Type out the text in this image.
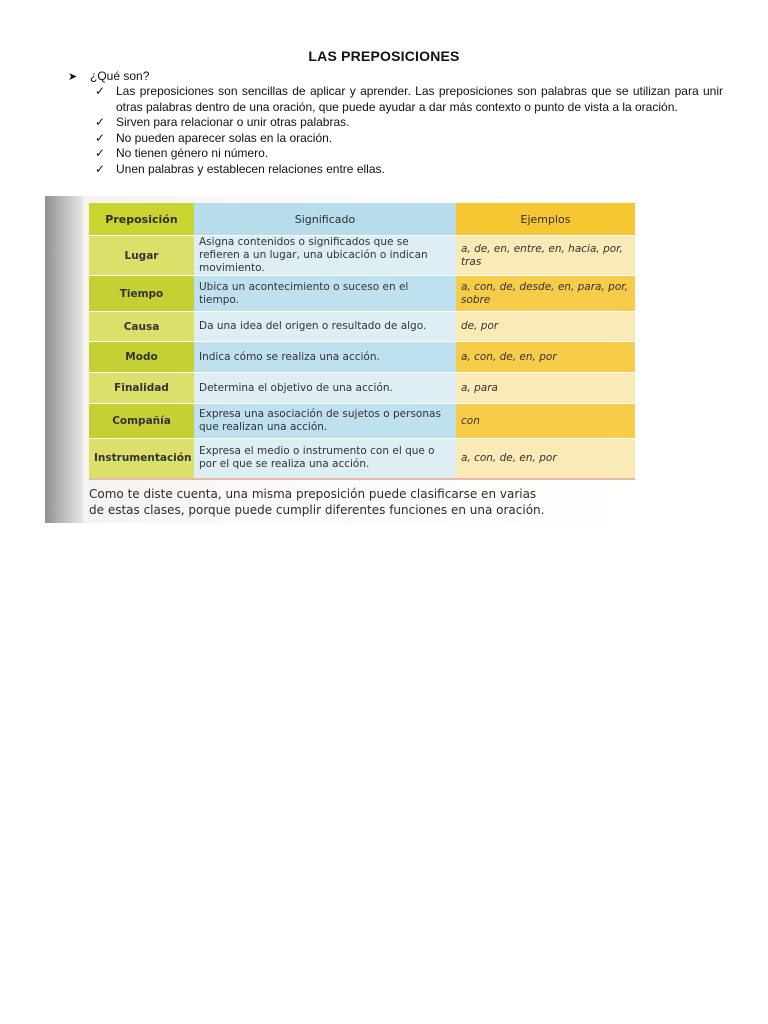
LAS PREPOSICIONES
➤ ¿Qué son?
✓ Las preposiciones son sencillas de aplicar y aprender. Las preposiciones son palabras que se utilizan para unir otras palabras dentro de una oración, que puede ayudar a dar más contexto o punto de vista a la oración.
✓ Sirven para relacionar o unir otras palabras.
✓ No pueden aparecer solas en la oración.
✓ No tienen género ni número.
✓ Unen palabras y establecen relaciones entre ellas.
Preposición	Significado	Ejemplos
Lugar	Asigna contenidos o significados que se refieren a un lugar, una ubicación o indican movimiento.	a, de, en, entre, en, hacia, por, tras
Tiempo	Ubica un acontecimiento o suceso en el tiempo.	a, con, de, desde, en, para, por, sobre
Causa	Da una idea del origen o resultado de algo.	de, por
Modo	Indica cómo se realiza una acción.	a, con, de, en, por
Finalidad	Determina el objetivo de una acción.	a, para
Compañía	Expresa una asociación de sujetos o personas que realizan una acción.	con
Instrumentación	Expresa el medio o instrumento con el que o por el que se realiza una acción.	a, con, de, en, por
Como te diste cuenta, una misma preposición puede clasificarse en varias de estas clases, porque puede cumplir diferentes funciones en una oración.
